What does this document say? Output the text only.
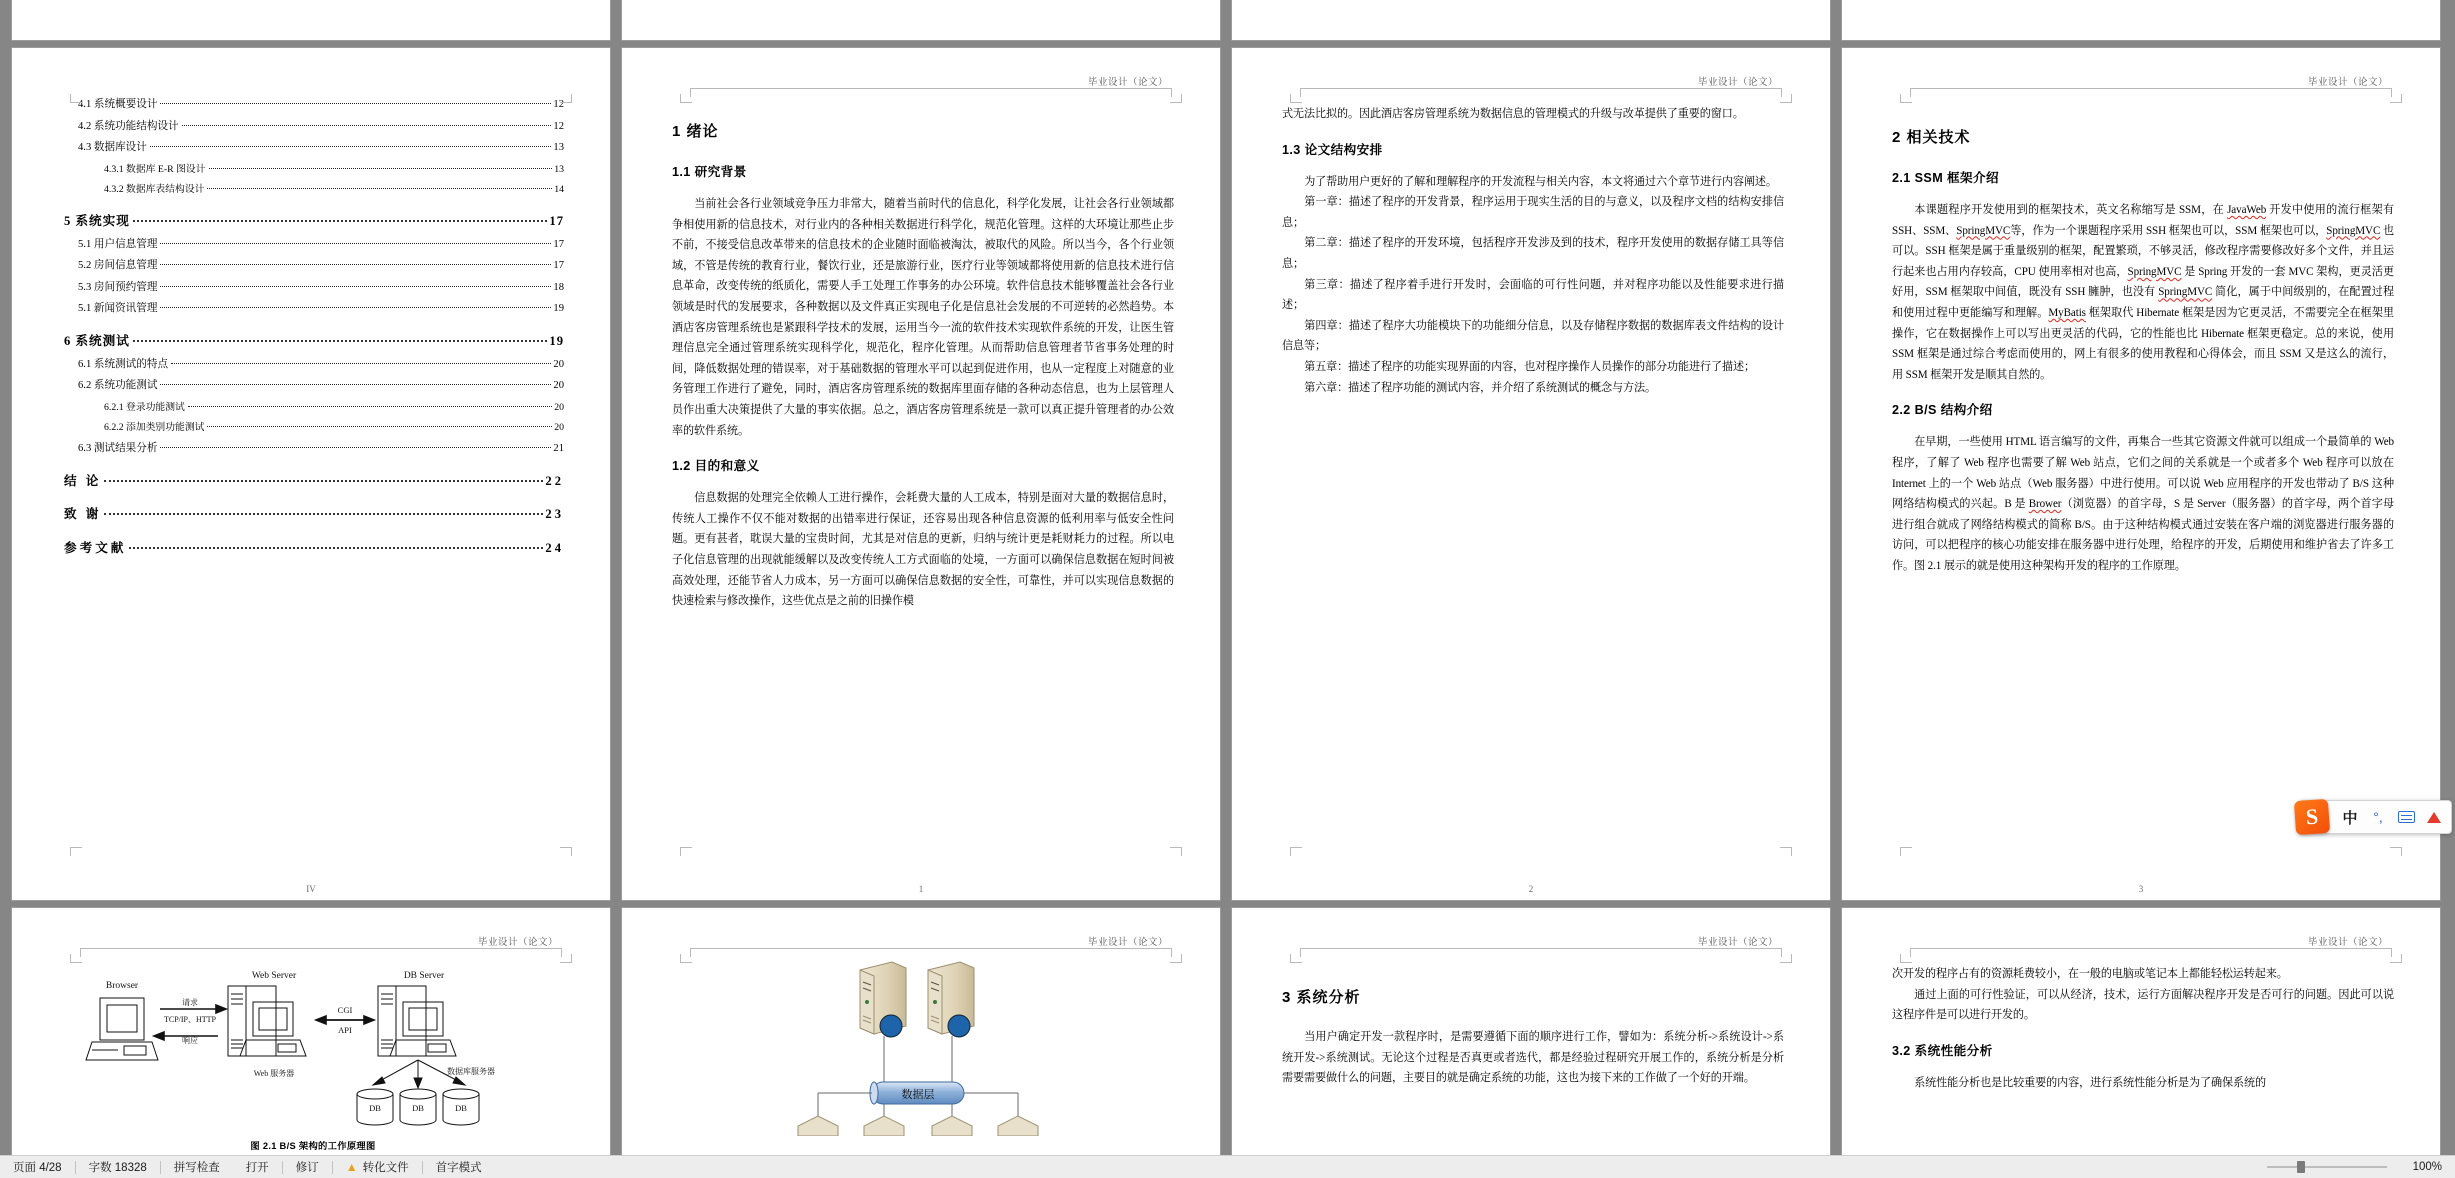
4.1 系统概要设计	12
4.2 系统功能结构设计	12
4.3 数据库设计	13
4.3.1 数据库 E-R 图设计	13
4.3.2 数据库表结构设计	14
5 系统实现	17
5.1 用户信息管理	17
5.2 房间信息管理	17
5.3 房间预约管理	18
5.1 新闻资讯管理	19
6 系统测试	19
6.1 系统测试的特点	20
6.2 系统功能测试	20
6.2.1 登录功能测试	20
6.2.2 添加类别功能测试	20
6.3 测试结果分析	21
结 论	22
致 谢	23
参考文献	24
IV
毕业设计（论文）
1 绪论
1.1 研究背景

当前社会各行业领域竞争压力非常大，随着当前时代的信息化，科学化发展，让社会各行业领域都争相使用新的信息技术，对行业内的各种相关数据进行科学化，规范化管理。这样的大环境让那些止步不前，不接受信息改革带来的信息技术的企业随时面临被淘汰，被取代的风险。所以当今，各个行业领域，不管是传统的教育行业，餐饮行业，还是旅游行业，医疗行业等领域都将使用新的信息技术进行信息革命，改变传统的纸质化，需要人手工处理工作事务的办公环境。软件信息技术能够覆盖社会各行业领域是时代的发展要求，各种数据以及文件真正实现电子化是信息社会发展的不可逆转的必然趋势。本酒店客房管理系统也是紧跟科学技术的发展，运用当今一流的软件技术实现软件系统的开发，让医生管理信息完全通过管理系统实现科学化，规范化，程序化管理。从而帮助信息管理者节省事务处理的时间，降低数据处理的错误率，对于基础数据的管理水平可以起到促进作用，也从一定程度上对随意的业务管理工作进行了避免，同时，酒店客房管理系统的数据库里面存储的各种动态信息，也为上层管理人员作出重大决策提供了大量的事实依据。总之，酒店客房管理系统是一款可以真正提升管理者的办公效率的软件系统。

1.2 目的和意义

信息数据的处理完全依赖人工进行操作，会耗费大量的人工成本，特别是面对大量的数据信息时，传统人工操作不仅不能对数据的出错率进行保证，还容易出现各种信息资源的低利用率与低安全性问题。更有甚者，耽误大量的宝贵时间，尤其是对信息的更新，归纳与统计更是耗财耗力的过程。所以电子化信息管理的出现就能缓解以及改变传统人工方式面临的处境，一方面可以确保信息数据在短时间被高效处理，还能节省人力成本，另一方面可以确保信息数据的安全性，可靠性，并可以实现信息数据的快速检索与修改操作，这些优点是之前的旧操作模

1
毕业设计（论文）

式无法比拟的。因此酒店客房管理系统为数据信息的管理模式的升级与改革提供了重要的窗口。

1.3 论文结构安排

为了帮助用户更好的了解和理解程序的开发流程与相关内容，本文将通过六个章节进行内容阐述。

第一章：描述了程序的开发背景，程序运用于现实生活的目的与意义，以及程序文档的结构安排信息；

第二章：描述了程序的开发环境，包括程序开发涉及到的技术，程序开发使用的数据存储工具等信息；

第三章：描述了程序着手进行开发时，会面临的可行性问题，并对程序功能以及性能要求进行描述；

第四章：描述了程序大功能模块下的功能细分信息，以及存储程序数据的数据库表文件结构的设计信息等；

第五章：描述了程序的功能实现界面的内容，也对程序操作人员操作的部分功能进行了描述；

第六章：描述了程序功能的测试内容，并介绍了系统测试的概念与方法。

2
毕业设计（论文）
2 相关技术
2.1 SSM 框架介绍

本课题程序开发使用到的框架技术，英文名称缩写是 SSM，在 JavaWeb 开发中使用的流行框架有 SSH、SSM、SpringMVC等，作为一个课题程序采用 SSH 框架也可以，SSM 框架也可以，SpringMVC 也可以。SSH 框架是属于重量级别的框架，配置繁琐，不够灵活，修改程序需要修改好多个文件，并且运行起来也占用内存较高，CPU 使用率相对也高，SpringMVC 是 Spring 开发的一套 MVC 架构，更灵活更好用，SSM 框架取中间值，既没有 SSH 臃肿，也没有 SpringMVC 简化，属于中间级别的，在配置过程和使用过程中更能编写和理解。MyBatis 框架取代 Hibernate 框架是因为它更灵活，不需要完全在框架里操作，它在数据操作上可以写出更灵活的代码，它的性能也比 Hibernate 框架更稳定。总的来说，使用 SSM 框架是通过综合考虑而使用的，网上有很多的使用教程和心得体会，而且 SSM 又是这么的流行，用 SSM 框架开发是顺其自然的。

2.2 B/S 结构介绍

在早期，一些使用 HTML 语言编写的文件，再集合一些其它资源文件就可以组成一个最简单的 Web 程序，了解了 Web 程序也需要了解 Web 站点，它们之间的关系就是一个或者多个 Web 程序可以放在 Internet 上的一个 Web 站点（Web 服务器）中进行使用。可以说 Web 应用程序的开发也带动了 B/S 这种网络结构模式的兴起。B 是 Brower（浏览器）的首字母，S 是 Server（服务器）的首字母，两个首字母进行组合就成了网络结构模式的简称 B/S。由于这种结构模式通过安装在客户端的浏览器进行服务器的访问，可以把程序的核心功能安排在服务器中进行处理，给程序的开发，后期使用和维护省去了许多工作。图 2.1 展示的就是使用这种架构开发的程序的工作原理。

3
毕业设计（论文）
Browser
Web Server	DB Server
请求
TCP/IP、HTTP
响应
CGI
API
Web 服务器	数据库服务器
DB	DB	DB
图 2.1 B/S 架构的工作原理图
毕业设计（论文）
数据层
毕业设计（论文）
3 系统分析

当用户确定开发一款程序时，是需要遵循下面的顺序进行工作，譬如为：系统分析->系统设计->系统开发->系统测试。无论这个过程是否真更或者选代，都是经验过程研究开展工作的，系统分析是分析需要需要做什么的问题，主要目的就是确定系统的功能，这也为接下来的工作做了一个好的开端。

毕业设计（论文）

次开发的程序占有的资源耗费较小，在一般的电脑或笔记本上都能轻松运转起来。

通过上面的可行性验证，可以从经济，技术，运行方面解决程序开发是否可行的问题。因此可以说这程序件是可以进行开发的。

3.2 系统性能分析

系统性能分析也是比较重要的内容，进行系统性能分析是为了确保系统的

S	中	°,
页面 4/28	字数 18328	拼写检查	打开	修订	▲ 转化文件	首字模式	100%
